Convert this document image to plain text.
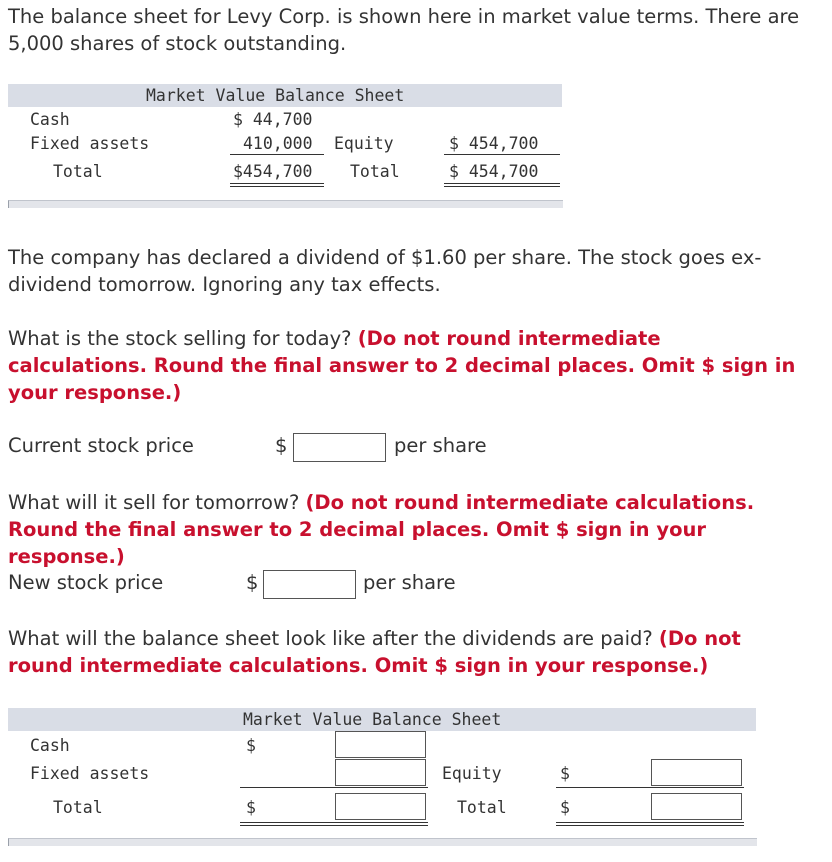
The balance sheet for Levy Corp. is shown here in market value terms. There are 5,000 shares of stock outstanding.

Market Value Balance Sheet
Cash	$ 44,700
Fixed assets	410,000 Equity	$ 454,700
Total	$454,700 Total	$ 454,700

The company has declared a dividend of $1.60 per share. The stock goes ex-dividend tomorrow. Ignoring any tax effects.

What is the stock selling for today? (Do not round intermediate calculations. Round the final answer to 2 decimal places. Omit $ sign in your response.)

Current stock price	$	per share

What will it sell for tomorrow? (Do not round intermediate calculations. Round the final answer to 2 decimal places. Omit $ sign in your response.)

New stock price	$	per share

What will the balance sheet look like after the dividends are paid? (Do not round intermediate calculations. Omit $ sign in your response.)

Market Value Balance Sheet
Cash	$
Fixed assets	Equity	$
Total	$	Total	$
